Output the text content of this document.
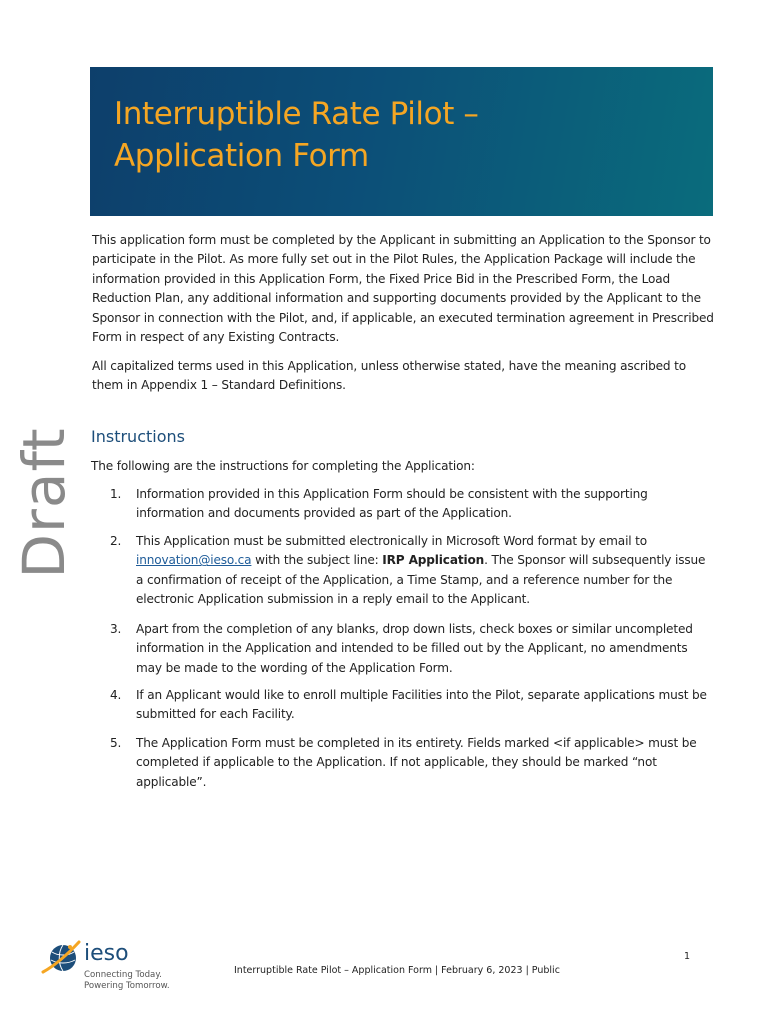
Interruptible Rate Pilot –
Application Form
Draft

This application form must be completed by the Applicant in submitting an Application to the Sponsor to participate in the Pilot. As more fully set out in the Pilot Rules, the Application Package will include the information provided in this Application Form, the Fixed Price Bid in the Prescribed Form, the Load Reduction Plan, any additional information and supporting documents provided by the Applicant to the Sponsor in connection with the Pilot, and, if applicable, an executed termination agreement in Prescribed Form in respect of any Existing Contracts.

All capitalized terms used in this Application, unless otherwise stated, have the meaning ascribed to them in Appendix 1 – Standard Definitions.

Instructions

The following are the instructions for completing the Application:

1. Information provided in this Application Form should be consistent with the supporting information and documents provided as part of the Application.
2. This Application must be submitted electronically in Microsoft Word format by email to innovation@ieso.ca with the subject line: IRP Application. The Sponsor will subsequently issue a confirmation of receipt of the Application, a Time Stamp, and a reference number for the electronic Application submission in a reply email to the Applicant.
3. Apart from the completion of any blanks, drop down lists, check boxes or similar uncompleted information in the Application and intended to be filled out by the Applicant, no amendments may be made to the wording of the Application Form.
4. If an Applicant would like to enroll multiple Facilities into the Pilot, separate applications must be submitted for each Facility.
5. The Application Form must be completed in its entirety. Fields marked <if applicable> must be completed if applicable to the Application. If not applicable, they should be marked “not applicable”.
ieso
Connecting Today.
Powering Tomorrow.
Interruptible Rate Pilot – Application Form | February 6, 2023 | Public
1
